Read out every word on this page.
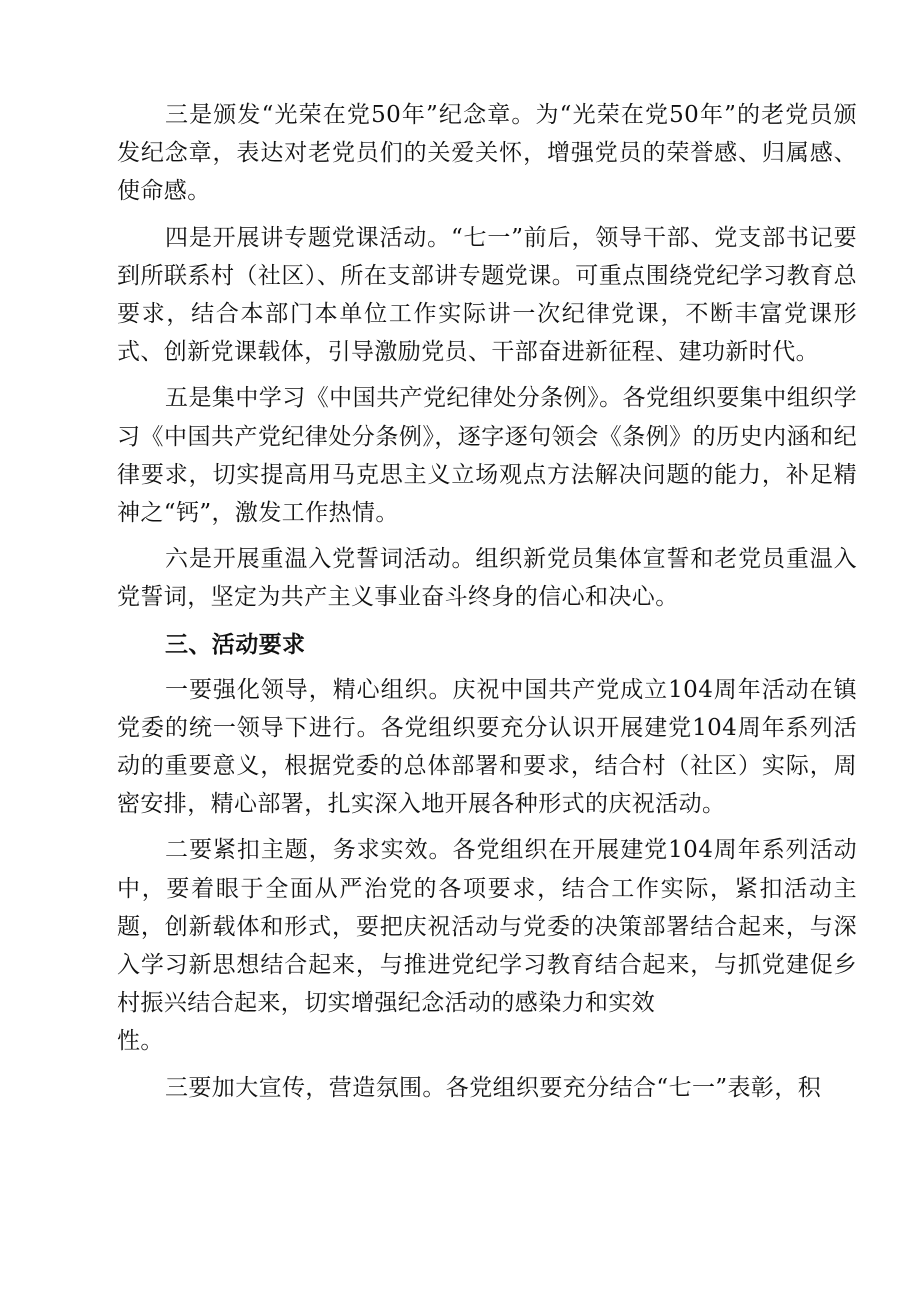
三是颁发“光荣在党50年”纪念章。为“光荣在党50年”的老党员颁发纪念章，表达对老党员们的关爱关怀，增强党员的荣誉感、归属感、使命感。

四是开展讲专题党课活动。“七一”前后，领导干部、党支部书记要到所联系村（社区）、所在支部讲专题党课。可重点围绕党纪学习教育总要求，结合本部门本单位工作实际讲一次纪律党课，不断丰富党课形式、创新党课载体，引导激励党员、干部奋进新征程、建功新时代。

五是集中学习《中国共产党纪律处分条例》。各党组织要集中组织学习《中国共产党纪律处分条例》，逐字逐句领会《条例》的历史内涵和纪律要求，切实提高用马克思主义立场观点方法解决问题的能力，补足精神之“钙”，激发工作热情。

六是开展重温入党誓词活动。组织新党员集体宣誓和老党员重温入党誓词，坚定为共产主义事业奋斗终身的信心和决心。

三、活动要求

一要强化领导，精心组织。庆祝中国共产党成立104周年活动在镇党委的统一领导下进行。各党组织要充分认识开展建党104周年系列活动的重要意义，根据党委的总体部署和要求，结合村（社区）实际，周密安排，精心部署，扎实深入地开展各种形式的庆祝活动。

二要紧扣主题，务求实效。各党组织在开展建党104周年系列活动中，要着眼于全面从严治党的各项要求，结合工作实际，紧扣活动主题，创新载体和形式，要把庆祝活动与党委的决策部署结合起来，与深入学习新思想结合起来，与推进党纪学习教育结合起来，与抓党建促乡村振兴结合起来，切实增强纪念活动的感染力和实效
性。

三要加大宣传，营造氛围。各党组织要充分结合“七一”表彰，积
